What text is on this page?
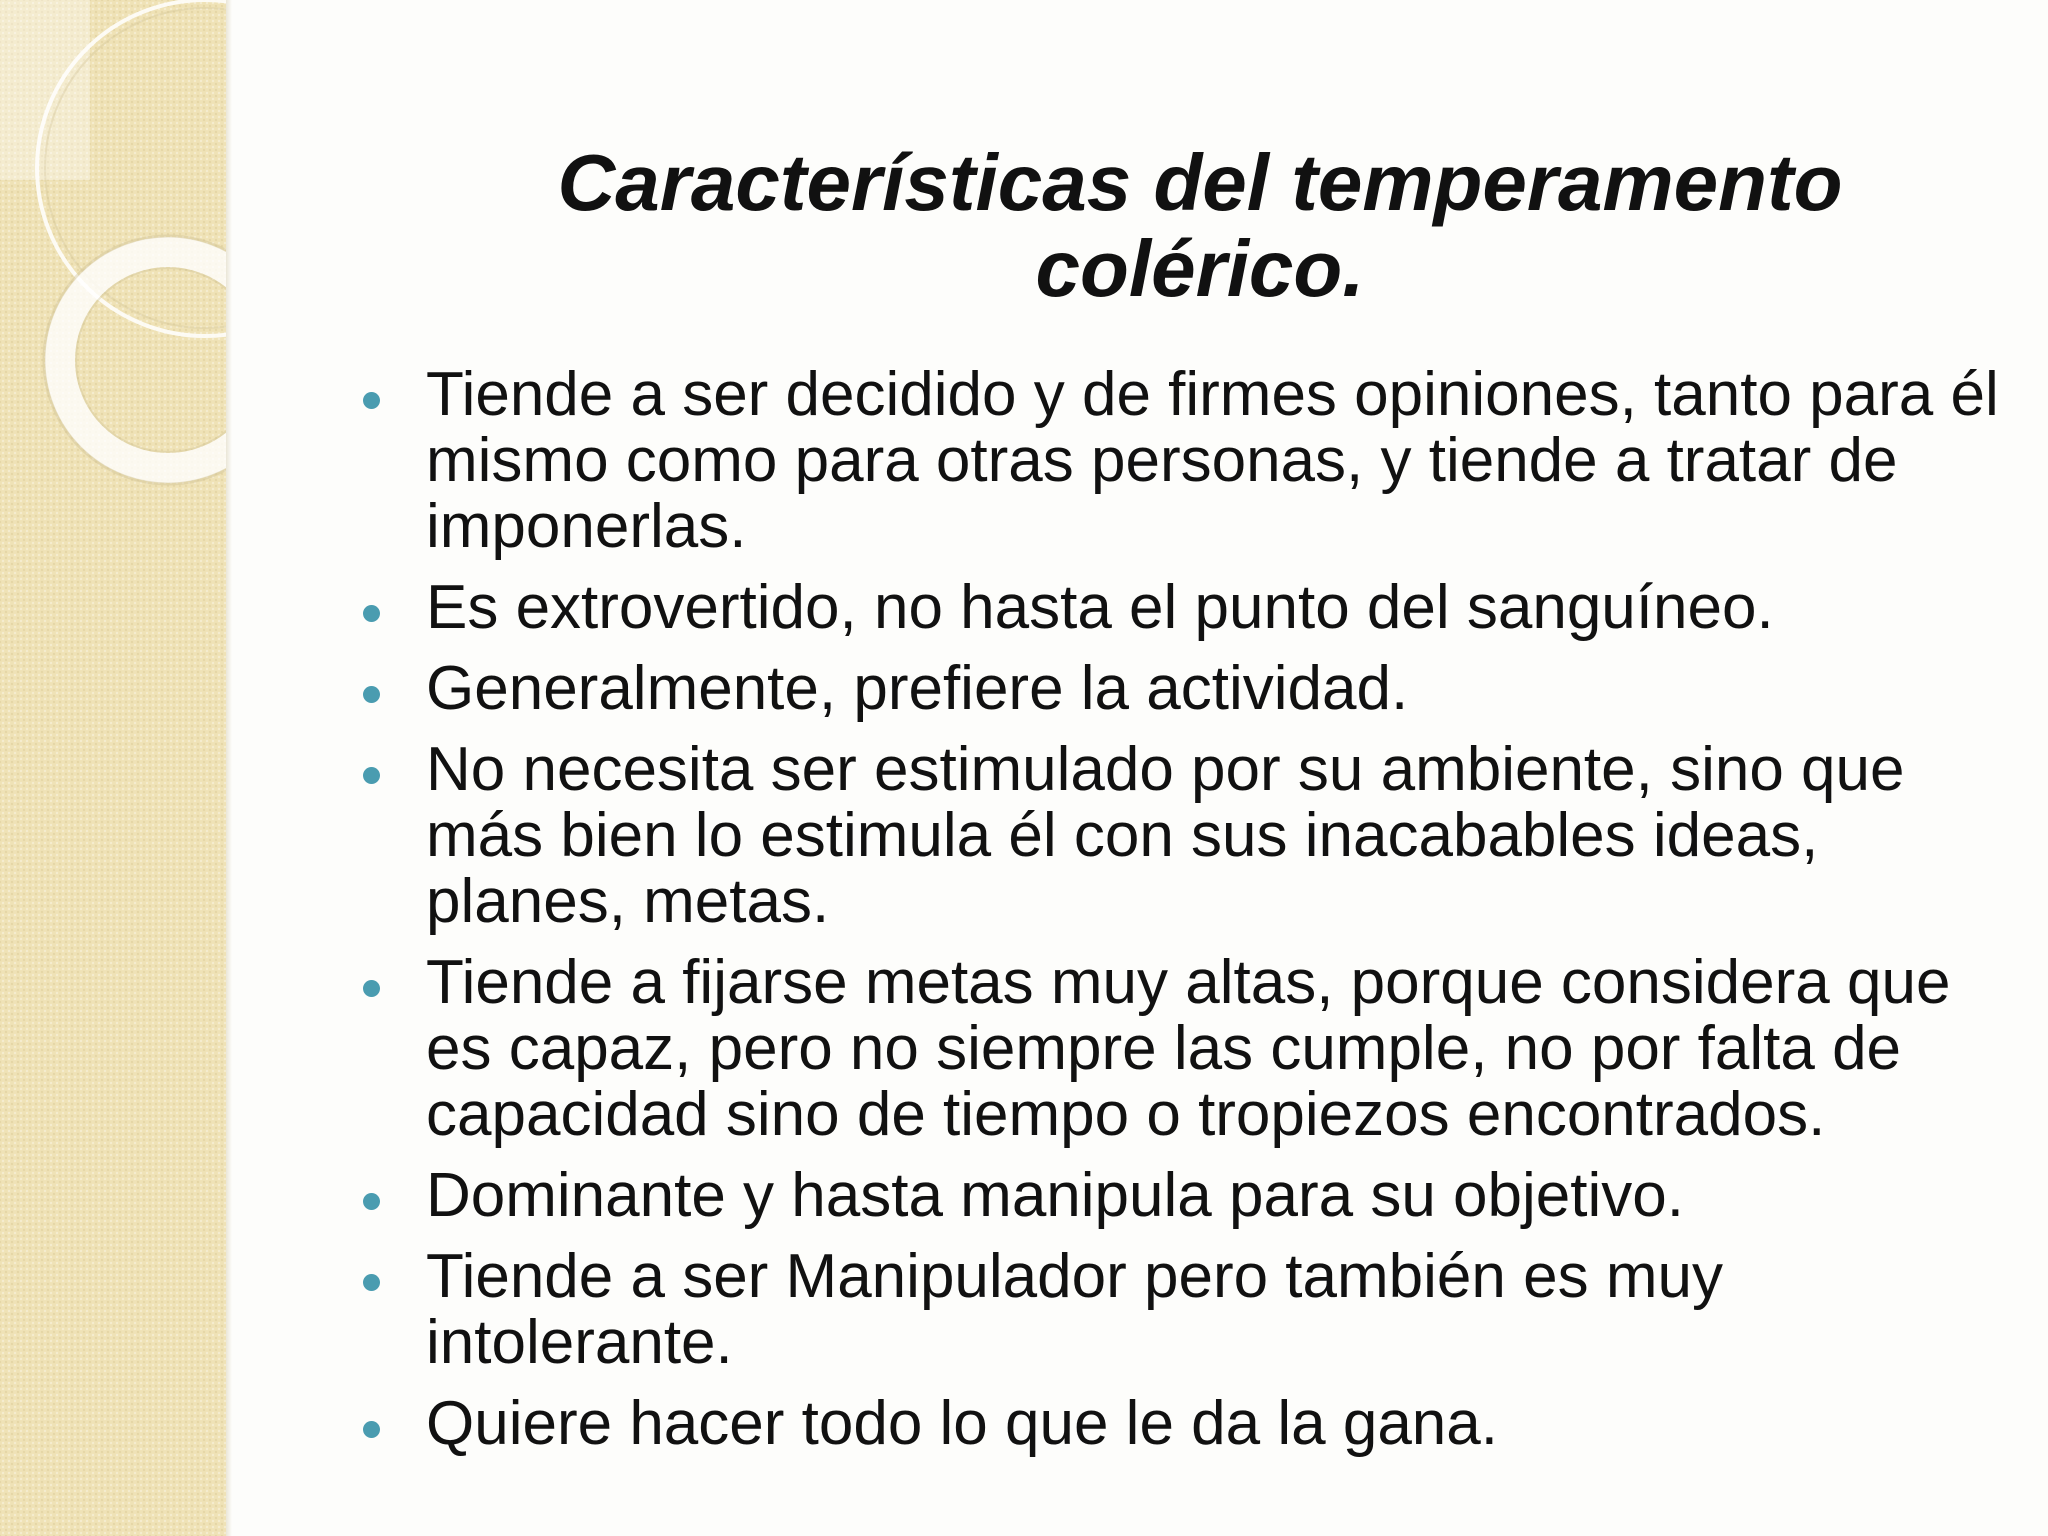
Características del temperamento
colérico.
Tiende a ser decidido y de firmes opiniones, tanto para él mismo como para otras personas, y tiende a tratar de imponerlas.
Es extrovertido, no hasta el punto del sanguíneo.
Generalmente, prefiere la actividad.
No necesita ser estimulado por su ambiente, sino que más bien lo estimula él con sus inacabables ideas, planes, metas.
Tiende a fijarse metas muy altas, porque considera que es capaz, pero no siempre las cumple, no por falta de capacidad sino de tiempo o tropiezos encontrados.
Dominante y hasta manipula para su objetivo.
Tiende a ser Manipulador pero también es muy intolerante.
Quiere hacer todo lo que le da la gana.
